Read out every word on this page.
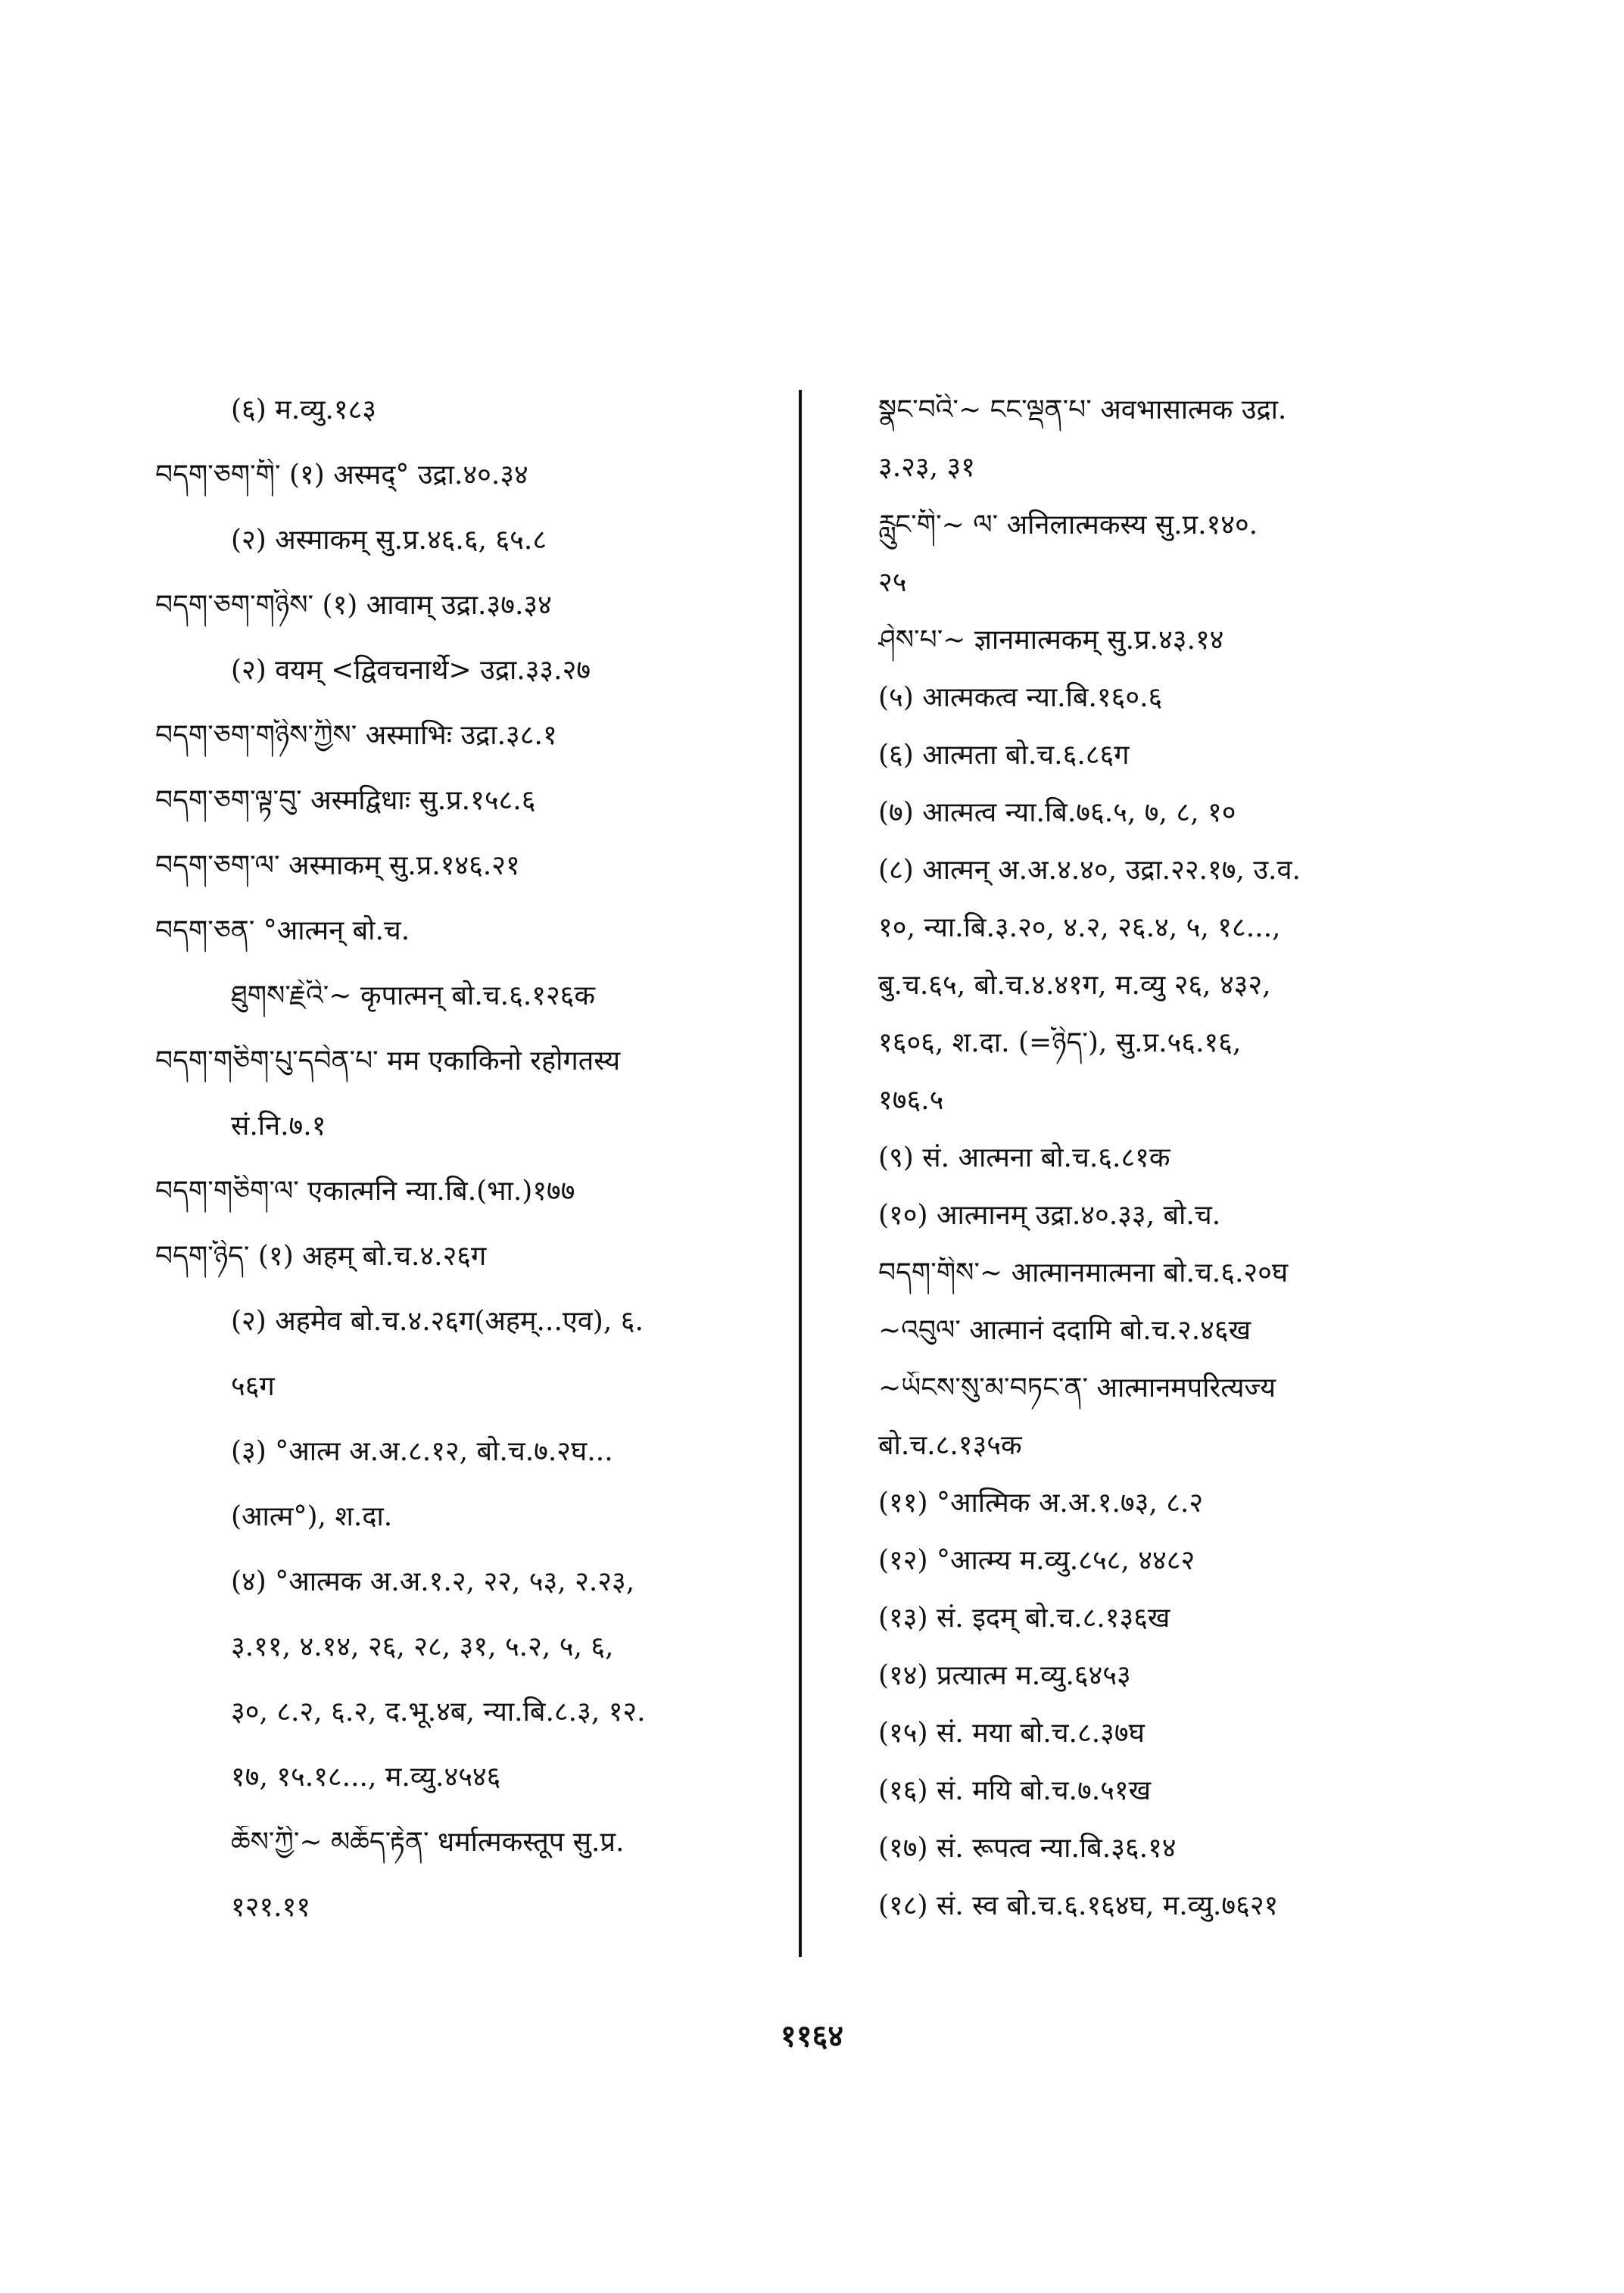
(६) म.व्यु.१८३
བདག་ཅག་གི་ (१) अस्मद्° उद्रा.४०.३४
(२) अस्माकम् सु.प्र.४६.६, ६५.८
བདག་ཅག་གཉིས་ (१) आवाम् उद्रा.३७.३४
(२) वयम् <द्विवचनार्थे> उद्रा.३३.२७
བདག་ཅག་གཉིས་ཀྱིས་ अस्माभिः उद्रा.३८.१
བདག་ཅག་ལྟ་བུ་ अस्मद्विधाः सु.प्र.१५८.६
བདག་ཅག་ལ་ अस्माकम् सु.प्र.१४६.२१
བདག་ཅན་ °आत्मन् बो.च.
ཐུགས་རྗེའི་~ कृपात्मन् बो.च.६.१२६क
བདག་གཅིག་པུ་དབེན་པ་ मम एकाकिनो रहोगतस्य
सं.नि.७.१
བདག་གཅིག་ལ་ एकात्मनि न्या.बि.(भा.)१७७
བདག་ཉིད་ (१) अहम् बो.च.४.२६ग
(२) अहमेव बो.च.४.२६ग(अहम्...एव), ६.
५६ग
(३) °आत्म अ.अ.८.१२, बो.च.७.२घ...
(आत्म°), श.दा.
(४) °आत्मक अ.अ.१.२, २२, ५३, २.२३,
३.११, ४.१४, २६, २८, ३१, ५.२, ५, ६,
३०, ८.२, ६.२, द.भू.४ब, न्या.बि.८.३, १२.
१७, १५.१८..., म.व्यु.४५४६
ཆོས་ཀྱི་~ མཆོད་རྟེན་ धर्मात्मकस्तूप सु.प्र.
१२१.११
སྣང་བའི་~ ངང་ལྡན་པ་ अवभासात्मक उद्रा.
३.२३, ३१
རླུང་གི་~ ལ་ अनिलात्मकस्य सु.प्र.१४०.
२५
ཤེས་པ་~ ज्ञानमात्मकम् सु.प्र.४३.१४
(५) आत्मकत्व न्या.बि.१६०.६
(६) आत्मता बो.च.६.८६ग
(७) आत्मत्व न्या.बि.७६.५, ७, ८, १०
(८) आत्मन् अ.अ.४.४०, उद्रा.२२.१७, उ.व.
१०, न्या.बि.३.२०, ४.२, २६.४, ५, १८...,
बु.च.६५, बो.च.४.४१ग, म.व्यु २६, ४३२,
१६०६, श.दा. (=ཉིད་), सु.प्र.५६.१६,
१७६.५
(९) सं. आत्मना बो.च.६.८१क
(१०) आत्मानम् उद्रा.४०.३३, बो.च.
བདག་གིས་~ आत्मानमात्मना बो.च.६.२०घ
~འབུལ་ आत्मानं ददामि बो.च.२.४६ख
~ཡོངས་སུ་མ་བཏང་ན་ आत्मानमपरित्यज्य
बो.च.८.१३५क
(११) °आत्मिक अ.अ.१.७३, ८.२
(१२) °आत्म्य म.व्यु.८५८, ४४८२
(१३) सं. इदम् बो.च.८.१३६ख
(१४) प्रत्यात्म म.व्यु.६४५३
(१५) सं. मया बो.च.८.३७घ
(१६) सं. मयि बो.च.७.५१ख
(१७) सं. रूपत्व न्या.बि.३६.१४
(१८) सं. स्व बो.च.६.१६४घ, म.व्यु.७६२१
११६४
